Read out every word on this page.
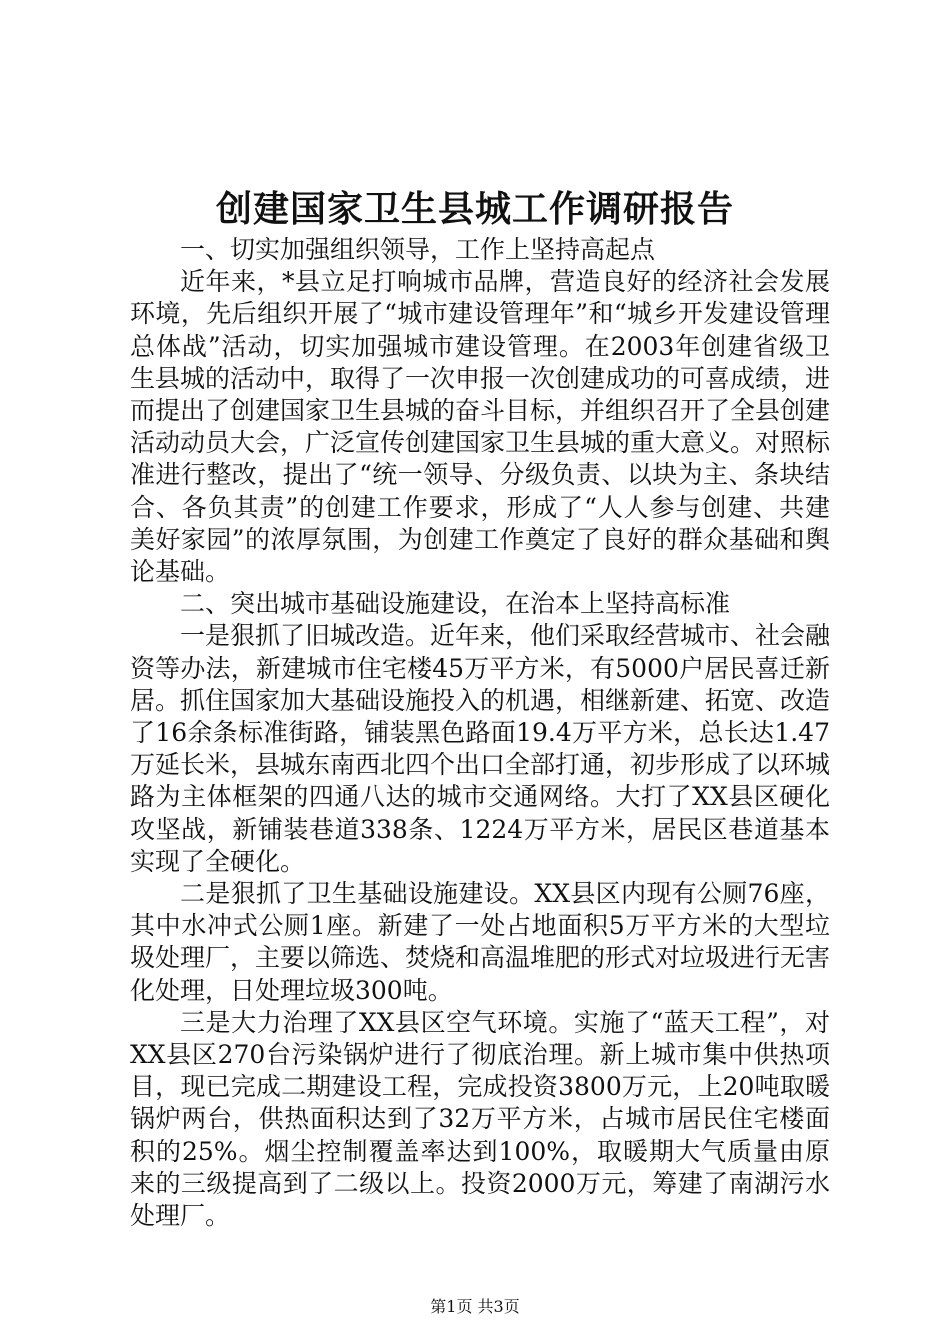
创建国家卫生县城工作调研报告

一、切实加强组织领导，工作上坚持高起点

近年来，*县立足打响城市品牌，营造良好的经济社会发展环境，先后组织开展了“城市建设管理年”和“城乡开发建设管理总体战”活动，切实加强城市建设管理。在2003年创建省级卫生县城的活动中，取得了一次申报一次创建成功的可喜成绩，进而提出了创建国家卫生县城的奋斗目标，并组织召开了全县创建活动动员大会，广泛宣传创建国家卫生县城的重大意义。对照标准进行整改，提出了“统一领导、分级负责、以块为主、条块结合、各负其责”的创建工作要求，形成了“人人参与创建、共建美好家园”的浓厚氛围，为创建工作奠定了良好的群众基础和舆论基础。

二、突出城市基础设施建设，在治本上坚持高标准

一是狠抓了旧城改造。近年来，他们采取经营城市、社会融资等办法，新建城市住宅楼45万平方米，有5000户居民喜迁新居。抓住国家加大基础设施投入的机遇，相继新建、拓宽、改造了16余条标准街路，铺装黑色路面19.4万平方米，总长达1.47万延长米，县城东南西北四个出口全部打通，初步形成了以环城路为主体框架的四通八达的城市交通网络。大打了XX县区硬化攻坚战，新铺装巷道338条、1224万平方米，居民区巷道基本实现了全硬化。

二是狠抓了卫生基础设施建设。XX县区内现有公厕76座，其中水冲式公厕1座。新建了一处占地面积5万平方米的大型垃圾处理厂，主要以筛选、焚烧和高温堆肥的形式对垃圾进行无害化处理，日处理垃圾300吨。

三是大力治理了XX县区空气环境。实施了“蓝天工程”，对XX县区270台污染锅炉进行了彻底治理。新上城市集中供热项目，现已完成二期建设工程，完成投资3800万元，上20吨取暖锅炉两台，供热面积达到了32万平方米，占城市居民住宅楼面积的25%。烟尘控制覆盖率达到100%，取暖期大气质量由原来的三级提高到了二级以上。投资2000万元，筹建了南湖污水处理厂。

第1页 共3页
